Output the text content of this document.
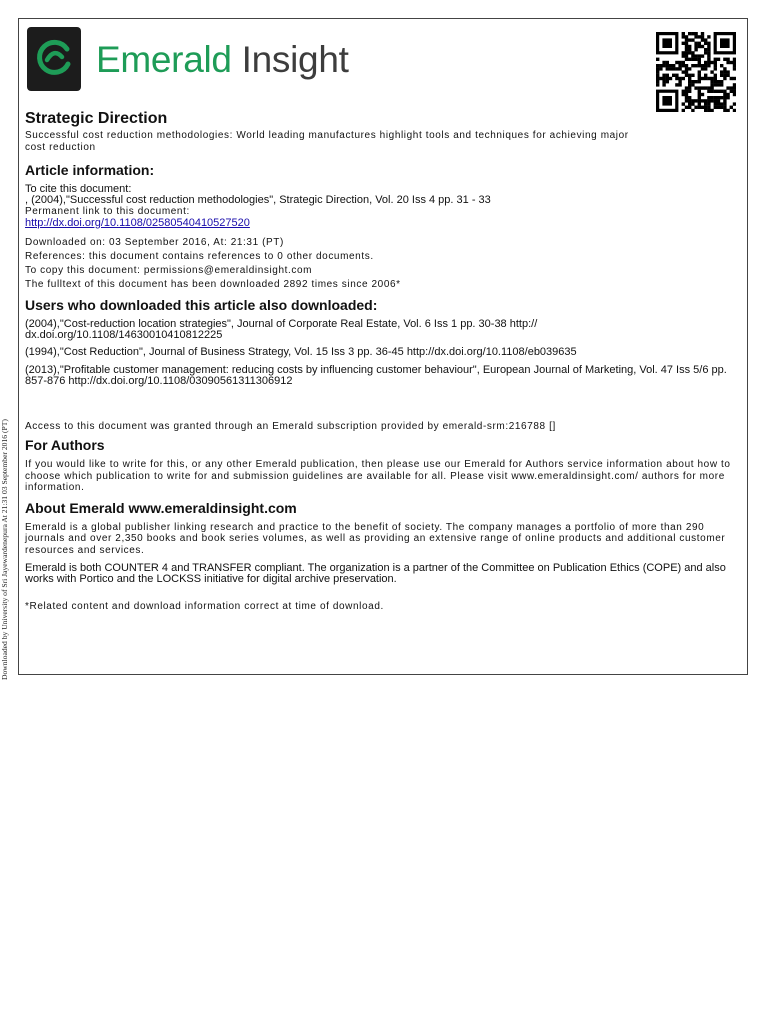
Downloaded by University of Sri Jayewardenepura At 21:31 03 September 2016 (PT)
Emerald Insight
Strategic Direction
Successful cost reduction methodologies: World leading manufactures highlight tools and techniques for achieving major cost reduction
Article information:
To cite this document:
, (2004),"Successful cost reduction methodologies", Strategic Direction, Vol. 20 Iss 4 pp. 31 - 33
Permanent link to this document:
http://dx.doi.org/10.1108/02580540410527520
Downloaded on: 03 September 2016, At: 21:31 (PT)
References: this document contains references to 0 other documents.
To copy this document: permissions@emeraldinsight.com
The fulltext of this document has been downloaded 2892 times since 2006*
Users who downloaded this article also downloaded:
(2004),"Cost-reduction location strategies", Journal of Corporate Real Estate, Vol. 6 Iss 1 pp. 30-38 http:// dx.doi.org/10.1108/14630010410812225
(1994),"Cost Reduction", Journal of Business Strategy, Vol. 15 Iss 3 pp. 36-45 http://dx.doi.org/10.1108/eb039635
(2013),"Profitable customer management: reducing costs by influencing customer behaviour", European Journal of Marketing, Vol. 47 Iss 5/6 pp. 857-876 http://dx.doi.org/10.1108/03090561311306912
Access to this document was granted through an Emerald subscription provided by emerald-srm:216788 []
For Authors
If you would like to write for this, or any other Emerald publication, then please use our Emerald for Authors service information about how to choose which publication to write for and submission guidelines are available for all. Please visit www.emeraldinsight.com/ authors for more information.
About Emerald www.emeraldinsight.com
Emerald is a global publisher linking research and practice to the benefit of society. The company manages a portfolio of more than 290 journals and over 2,350 books and book series volumes, as well as providing an extensive range of online products and additional customer resources and services.
Emerald is both COUNTER 4 and TRANSFER compliant. The organization is a partner of the Committee on Publication Ethics (COPE) and also works with Portico and the LOCKSS initiative for digital archive preservation.
*Related content and download information correct at time of download.
